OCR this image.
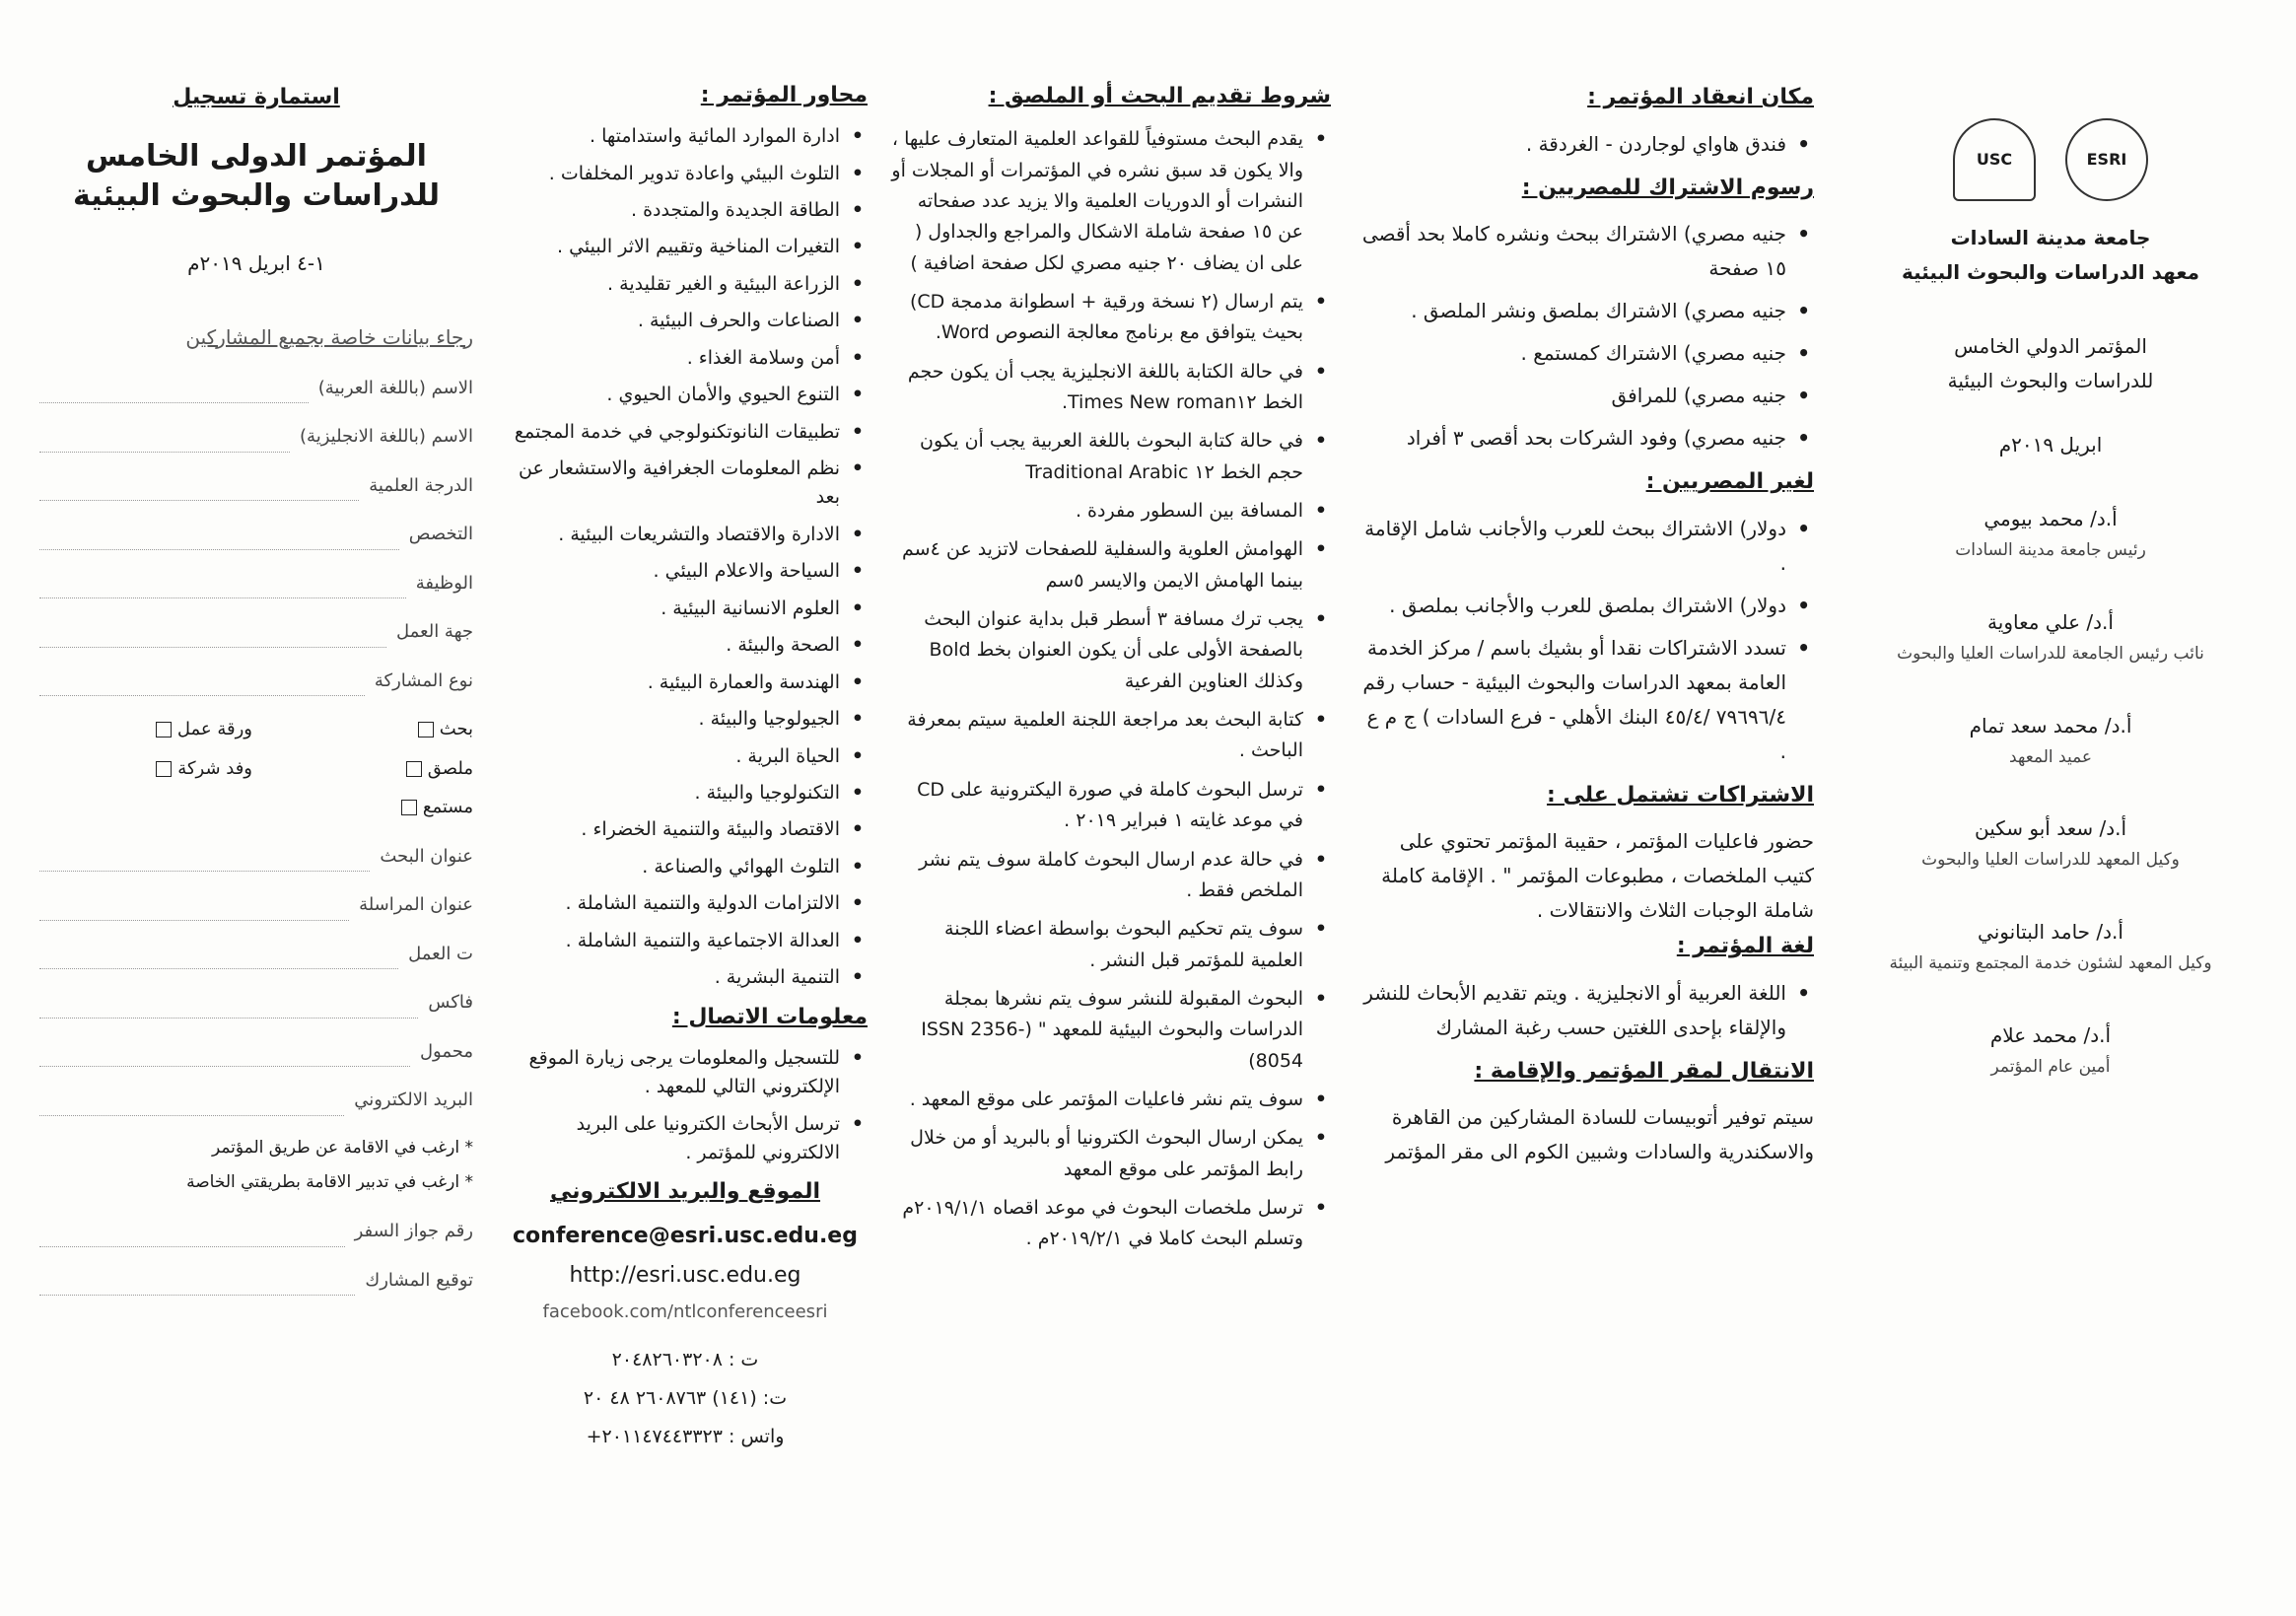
ESRI
USC
جامعة مدينة السادات
معهد الدراسات والبحوث البيئية
المؤتمر الدولي الخامس
للدراسات والبحوث البيئية
ابريل ٢٠١٩م
أ.د/ محمد بيومي
رئيس جامعة مدينة السادات
أ.د/ علي معاوية
نائب رئيس الجامعة للدراسات العليا والبحوث
أ.د/ محمد سعد تمام
عميد المعهد
أ.د/ سعد أبو سكين
وكيل المعهد للدراسات العليا والبحوث
أ.د/ حامد البتانوني
وكيل المعهد لشئون خدمة المجتمع وتنمية البيئة
أ.د/ محمد علام
أمين عام المؤتمر
مكان انعقاد المؤتمر :
• فندق هاواي لوجاردن - الغردقة .
رسوم الاشتراك للمصريين :
• جنيه مصري) الاشتراك ببحث ونشره كاملا بحد أقصى ١٥ صفحة
• جنيه مصري) الاشتراك بملصق ونشر الملصق .
• جنيه مصري) الاشتراك كمستمع .
• جنيه مصري) للمرافق
• جنيه مصري) وفود الشركات بحد أقصى ٣ أفراد
لغير المصريين :
• دولار) الاشتراك ببحث للعرب والأجانب شامل الإقامة .
• دولار) الاشتراك بملصق للعرب والأجانب بملصق .
• تسدد الاشتراكات نقدا أو بشيك باسم / مركز الخدمة العامة بمعهد الدراسات والبحوث البيئية - حساب رقم ٧٩٦٩٦/٤ /٤٥/٤ البنك الأهلي - فرع السادات ) ج م ع .
الاشتراكات تشتمل على :
حضور فاعليات المؤتمر ، حقيبة المؤتمر تحتوي على كتيب الملخصات ، مطبوعات المؤتمر " . الإقامة كاملة شاملة الوجبات الثلاث والانتقالات .
لغة المؤتمر :
• اللغة العربية أو الانجليزية . ويتم تقديم الأبحاث للنشر والإلقاء بإحدى اللغتين حسب رغبة المشارك
الانتقال لمقر المؤتمر والإقامة :
سيتم توفير أتوبيسات للسادة المشاركين من القاهرة والاسكندرية والسادات وشبين الكوم الى مقر المؤتمر
شروط تقديم البحث أو الملصق :
• يقدم البحث مستوفياً للقواعد العلمية المتعارف عليها ، والا يكون قد سبق نشره في المؤتمرات أو المجلات أو النشرات أو الدوريات العلمية والا يزيد عدد صفحاته عن ١٥ صفحة شاملة الاشكال والمراجع والجداول ( على ان يضاف ٢٠ جنيه مصري لكل صفحة اضافية )
• يتم ارسال (٢ نسخة ورقية + اسطوانة مدمجة CD) بحيث يتوافق مع برنامج معالجة النصوص Word.
• في حالة الكتابة باللغة الانجليزية يجب أن يكون حجم الخط Times New roman١٢.
• في حالة كتابة البحوث باللغة العربية يجب أن يكون حجم الخط ١٢ Traditional Arabic
• المسافة بين السطور مفردة .
• الهوامش العلوية والسفلية للصفحات لاتزيد عن ٤سم بينما الهامش الايمن والايسر ٥سم
• يجب ترك مسافة ٣ أسطر قبل بداية عنوان البحث بالصفحة الأولى على أن يكون العنوان بخط Bold وكذلك العناوين الفرعية
• كتابة البحث بعد مراجعة اللجنة العلمية سيتم بمعرفة الباحث .
• ترسل البحوث كاملة في صورة اليكترونية على CD في موعد غايته ١ فبراير ٢٠١٩ .
• في حالة عدم ارسال البحوث كاملة سوف يتم نشر الملخص فقط .
• سوف يتم تحكيم البحوث بواسطة اعضاء اللجنة العلمية للمؤتمر قبل النشر .
• البحوث المقبولة للنشر سوف يتم نشرها بمجلة الدراسات والبحوث البيئية للمعهد " (ISSN 2356-8054)
• سوف يتم نشر فاعليات المؤتمر على موقع المعهد .
• يمكن ارسال البحوث الكترونيا أو بالبريد أو من خلال رابط المؤتمر على موقع المعهد
• ترسل ملخصات البحوث في موعد اقصاه ٢٠١٩/١/١م وتسلم البحث كاملا في ٢٠١٩/٢/١م .
محاور المؤتمر :
• ادارة الموارد المائية واستدامتها .
• التلوث البيئي واعادة تدوير المخلفات .
• الطاقة الجديدة والمتجددة .
• التغيرات المناخية وتقييم الاثر البيئي .
• الزراعة البيئية و الغير تقليدية .
• الصناعات والحرف البيئية .
• أمن وسلامة الغذاء .
• التنوع الحيوي والأمان الحيوي .
• تطبيقات النانوتكنولوجي في خدمة المجتمع
• نظم المعلومات الجغرافية والاستشعار عن بعد
• الادارة والاقتصاد والتشريعات البيئية .
• السياحة والاعلام البيئي .
• العلوم الانسانية البيئية .
• الصحة والبيئة .
• الهندسة والعمارة البيئية .
• الجيولوجيا والبيئة .
• الحياة البرية .
• التكنولوجيا والبيئة .
• الاقتصاد والبيئة والتنمية الخضراء .
• التلوث الهوائي والصناعة .
• الالتزامات الدولية والتنمية الشاملة .
• العدالة الاجتماعية والتنمية الشاملة .
• التنمية البشرية .
معلومات الاتصال :
• للتسجيل والمعلومات يرجى زيارة الموقع الإلكتروني التالي للمعهد .
• ترسل الأبحاث الكترونيا على البريد الالكتروني للمؤتمر .
الموقع والبريد الالكتروني
conference@esri.usc.edu.eg
http://esri.usc.edu.eg
facebook.com/ntlconferenceesri
ت : ٢٠٤٨٢٦٠٣٢٠٨
ت: (١٤١) ٢٦٠٨٧٦٣ ٤٨ ٢٠
واتس : ٢٠١١٤٧٤٤٣٣٢٣+
استمارة تسجيل
المؤتمر الدولى الخامس
للدراسات والبحوث البيئية
١-٤ ابريل ٢٠١٩م
رجاء بيانات خاصة بجميع المشاركين
الاسم (باللغة العربية)
الاسم (باللغة الانجليزية)
الدرجة العلمية
التخصص
الوظيفة
جهة العمل
نوع المشاركة
بحث
ورقة عمل
ملصق
وفد شركة
مستمع
عنوان البحث
عنوان المراسلة
ت العمل
فاكس
محمول
البريد الالكتروني
* ارغب في الاقامة عن طريق المؤتمر
* ارغب في تدبير الاقامة بطريقتي الخاصة
رقم جواز السفر
توقيع المشارك
